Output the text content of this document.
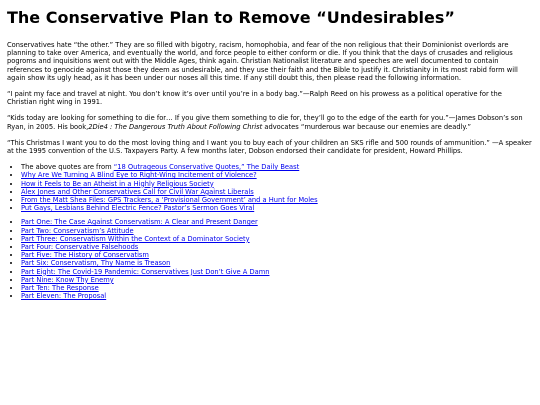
The Conservative Plan to Remove “Undesirables”

Conservatives hate “the other.” They are so filled with bigotry, racism, homophobia, and fear of the non religious that their Dominionist overlords are planning to take over America, and eventually the world, and force people to either conform or die. If you think that the days of crusades and religious pogroms and inquisitions went out with the Middle Ages, think again. Christian Nationalist literature and speeches are well documented to contain references to genocide against those they deem as undesirable, and they use their faith and the Bible to justify it. Christianity in its most rabid form will again show its ugly head, as it has been under our noses all this time. If any still doubt this, then please read the following information.

“I paint my face and travel at night. You don’t know it’s over until you’re in a body bag.”—Ralph Reed on his prowess as a political operative for the Christian right wing in 1991.

“Kids today are looking for something to die for… If you give them something to die for, they’ll go to the edge of the earth for you.”—James Dobson’s son Ryan, in 2005. His book,2Die4 : The Dangerous Truth About Following Christ advocates “murderous war because our enemies are deadly.”

“This Christmas I want you to do the most loving thing and I want you to buy each of your children an SKS rifle and 500 rounds of ammunition.” —A speaker at the 1995 convention of the U.S. Taxpayers Party. A few months later, Dobson endorsed their candidate for president, Howard Phillips.

• The above quotes are from “18 Outrageous Conservative Quotes,” The Daily Beast
• Why Are We Turning A Blind Eye to Right-Wing Incitement of Violence?
• How it Feels to Be an Atheist in a Highly Religious Society
• Alex Jones and Other Conservatives Call for Civil War Against Liberals
• From the Matt Shea Files: GPS Trackers, a ‘Provisional Government’ and a Hunt for Moles
• Put Gays, Lesbians Behind Electric Fence? Pastor’s Sermon Goes Viral
• Part One: The Case Against Conservatism: A Clear and Present Danger
• Part Two: Conservatism’s Attitude
• Part Three: Conservatism Within the Context of a Dominator Society
• Part Four: Conservative Falsehoods
• Part Five: The History of Conservatism
• Part Six: Conservatism, Thy Name is Treason
• Part Eight: The Covid-19 Pandemic: Conservatives Just Don’t Give A Damn
• Part Nine: Know Thy Enemy
• Part Ten: The Response
• Part Eleven: The Proposal
